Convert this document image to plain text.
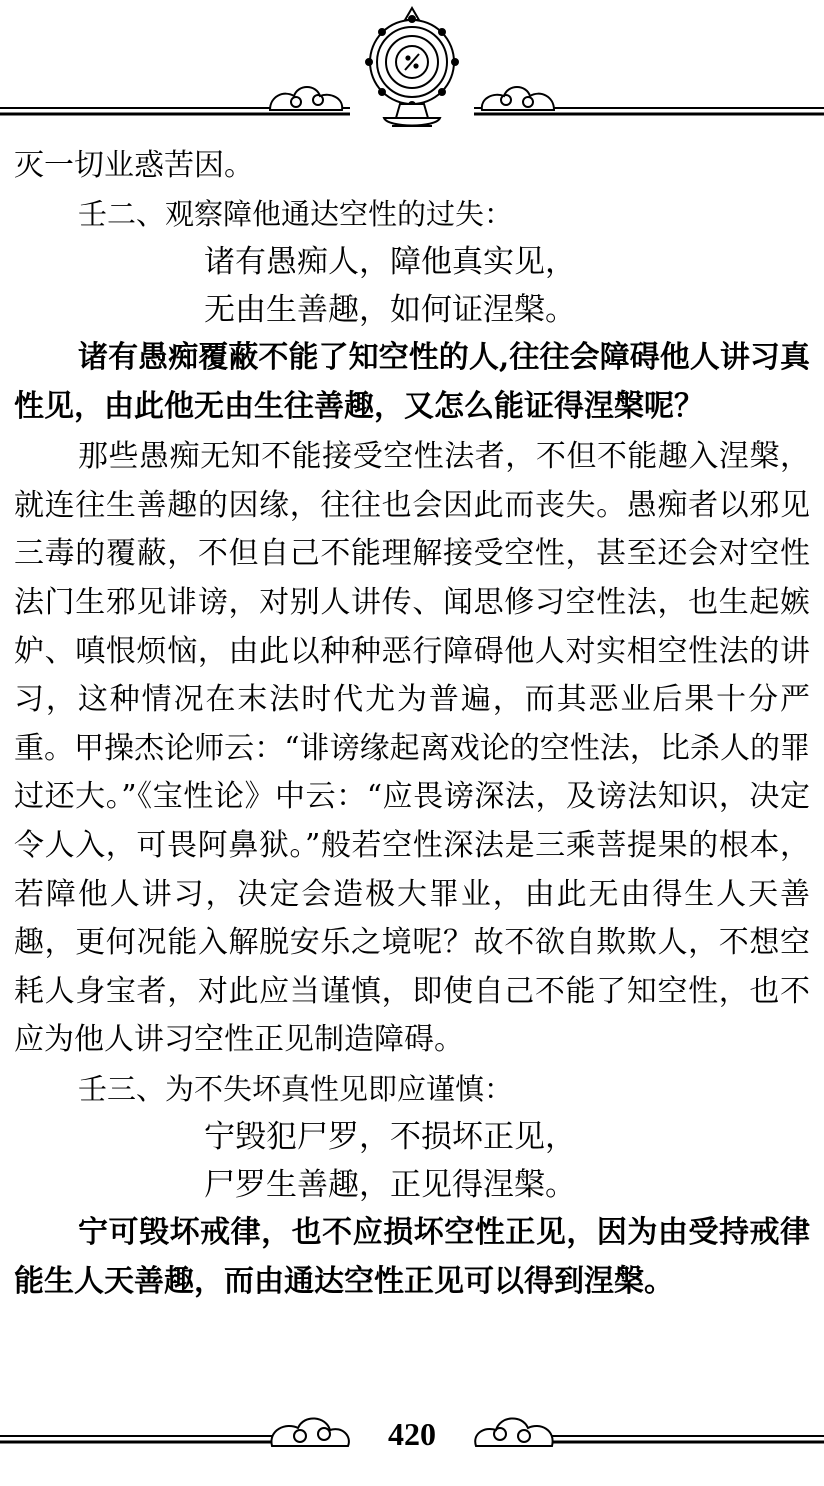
灭一切业惑苦因。
壬二、观察障他通达空性的过失：
诸有愚痴人，障他真实见，
无由生善趣，如何证涅槃。
诸有愚痴覆蔽不能了知空性的人,往往会障碍他人讲习真性见，由此他无由生往善趣，又怎么能证得涅槃呢？
那些愚痴无知不能接受空性法者，不但不能趣入涅槃，就连往生善趣的因缘，往往也会因此而丧失。愚痴者以邪见三毒的覆蔽，不但自己不能理解接受空性，甚至还会对空性法门生邪见诽谤，对别人讲传、闻思修习空性法，也生起嫉妒、嗔恨烦恼，由此以种种恶行障碍他人对实相空性法的讲习，这种情况在末法时代尤为普遍，而其恶业后果十分严重。甲操杰论师云：“诽谤缘起离戏论的空性法，比杀人的罪过还大。”《宝性论》中云：“应畏谤深法，及谤法知识，决定令人入，可畏阿鼻狱。”般若空性深法是三乘菩提果的根本，若障他人讲习，决定会造极大罪业，由此无由得生人天善趣，更何况能入解脱安乐之境呢？故不欲自欺欺人，不想空耗人身宝者，对此应当谨慎，即使自己不能了知空性，也不应为他人讲习空性正见制造障碍。
壬三、为不失坏真性见即应谨慎：
宁毁犯尸罗，不损坏正见，
尸罗生善趣，正见得涅槃。
宁可毁坏戒律，也不应损坏空性正见，因为由受持戒律能生人天善趣，而由通达空性正见可以得到涅槃。
420
